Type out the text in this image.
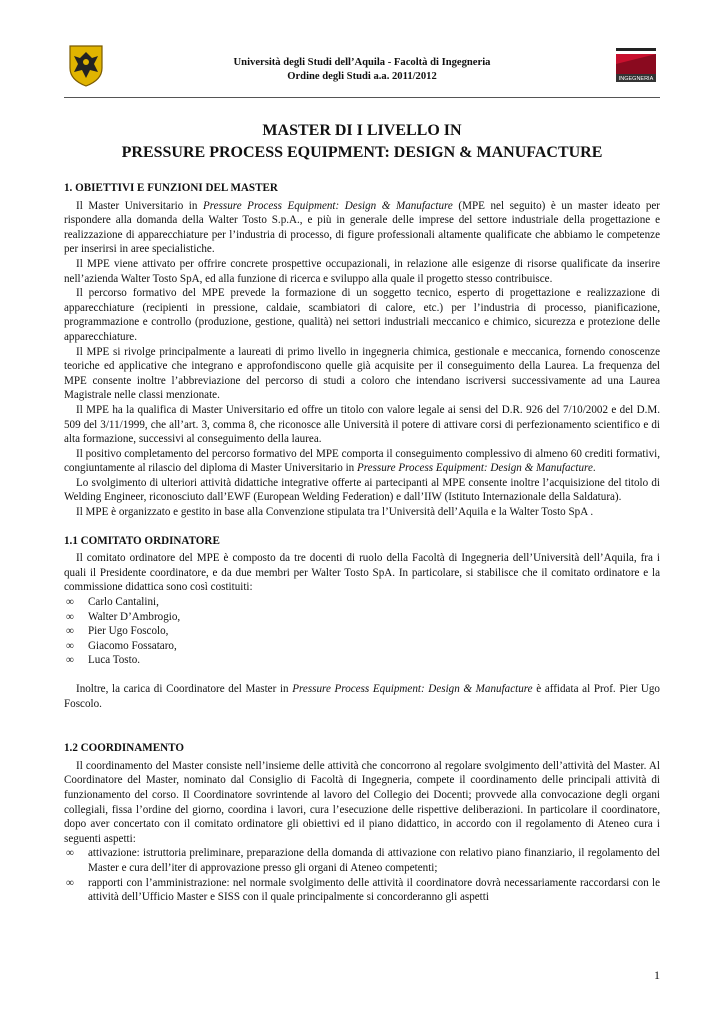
Università degli Studi dell’Aquila - Facoltà di Ingegneria
Ordine degli Studi a.a. 2011/2012	INGEGNERIA
MASTER DI I LIVELLO IN
PRESSURE PROCESS EQUIPMENT: DESIGN & MANUFACTURE
1. OBIETTIVI E FUNZIONI DEL MASTER

Il Master Universitario in Pressure Process Equipment: Design & Manufacture (MPE nel seguito) è un master ideato per rispondere alla domanda della Walter Tosto S.p.A., e più in generale delle imprese del settore industriale della progettazione e realizzazione di apparecchiature per l’industria di processo, di figure professionali altamente qualificate che abbiamo le competenze per inserirsi in aree specialistiche.

Il MPE viene attivato per offrire concrete prospettive occupazionali, in relazione alle esigenze di risorse qualificate da inserire nell’azienda Walter Tosto SpA, ed alla funzione di ricerca e sviluppo alla quale il progetto stesso contribuisce.

Il percorso formativo del MPE prevede la formazione di un soggetto tecnico, esperto di progettazione e realizzazione di apparecchiature (recipienti in pressione, caldaie, scambiatori di calore, etc.) per l’industria di processo, pianificazione, programmazione e controllo (produzione, gestione, qualità) nei settori industriali meccanico e chimico, sicurezza e protezione delle apparecchiature.

Il MPE si rivolge principalmente a laureati di primo livello in ingegneria chimica, gestionale e meccanica, fornendo conoscenze teoriche ed applicative che integrano e approfondiscono quelle già acquisite per il conseguimento della Laurea. La frequenza del MPE consente inoltre l’abbreviazione del percorso di studi a coloro che intendano iscriversi successivamente ad una Laurea Magistrale nelle classi menzionate.

Il MPE ha la qualifica di Master Universitario ed offre un titolo con valore legale ai sensi del D.R. 926 del 7/10/2002 e del D.M. 509 del 3/11/1999, che all’art. 3, comma 8, che riconosce alle Università il potere di attivare corsi di perfezionamento scientifico e di alta formazione, successivi al conseguimento della laurea.

Il positivo completamento del percorso formativo del MPE comporta il conseguimento complessivo di almeno 60 crediti formativi, congiuntamente al rilascio del diploma di Master Universitario in Pressure Process Equipment: Design & Manufacture.

Lo svolgimento di ulteriori attività didattiche integrative offerte ai partecipanti al MPE consente inoltre l’acquisizione del titolo di Welding Engineer, riconosciuto dall’EWF (European Welding Federation) e dall’IIW (Istituto Internazionale della Saldatura).

Il MPE è organizzato e gestito in base alla Convenzione stipulata tra l’Università dell’Aquila e la Walter Tosto SpA .

1.1 COMITATO ORDINATORE

Il comitato ordinatore del MPE è composto da tre docenti di ruolo della Facoltà di Ingegneria dell’Università dell’Aquila, fra i quali il Presidente coordinatore, e da due membri per Walter Tosto SpA. In particolare, si stabilisce che il comitato ordinatore e la commissione didattica sono così costituiti:

∞ Carlo Cantalini,
∞ Walter D’Ambrogio,
∞ Pier Ugo Foscolo,
∞ Giacomo Fossataro,
∞ Luca Tosto.

Inoltre, la carica di Coordinatore del Master in Pressure Process Equipment: Design & Manufacture è affidata al Prof. Pier Ugo Foscolo.

1.2 COORDINAMENTO

Il coordinamento del Master consiste nell’insieme delle attività che concorrono al regolare svolgimento dell’attività del Master. Al Coordinatore del Master, nominato dal Consiglio di Facoltà di Ingegneria, compete il coordinamento delle principali attività di funzionamento del corso. Il Coordinatore sovrintende al lavoro del Collegio dei Docenti; provvede alla convocazione degli organi collegiali, fissa l’ordine del giorno, coordina i lavori, cura l’esecuzione delle rispettive deliberazioni. In particolare il coordinatore, dopo aver concertato con il comitato ordinatore gli obiettivi ed il piano didattico, in accordo con il regolamento di Ateneo cura i seguenti aspetti:

∞ attivazione: istruttoria preliminare, preparazione della domanda di attivazione con relativo piano finanziario, il regolamento del Master e cura dell’iter di approvazione presso gli organi di Ateneo competenti;
∞ rapporti con l’amministrazione: nel normale svolgimento delle attività il coordinatore dovrà necessariamente raccordarsi con le attività dell’Ufficio Master e SISS con il quale principalmente si concorderanno gli aspetti
1
